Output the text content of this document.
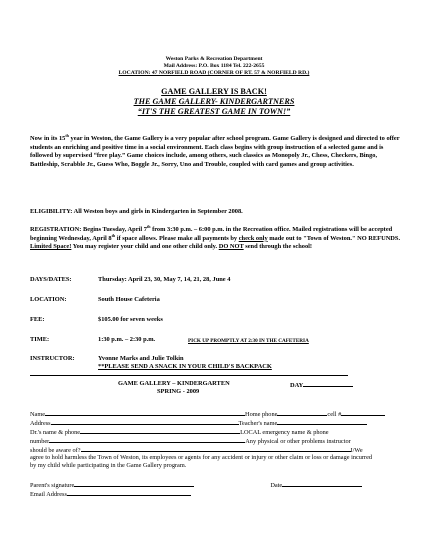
Weston Parks & Recreation Department
Mail Address: P.O. Box 1184 Tel. 222-2655
LOCATION: 47 NORFIELD ROAD (CORNER OF RT. 57 & NORFIELD RD.)
GAME GALLERY IS BACK!
THE GAME GALLERY- KINDERGARTNERS
“IT'S THE GREATEST GAME IN TOWN!”
Now in its 15th year in Weston, the Game Gallery is a very popular after school program. Game Gallery is designed and directed to offer students an enriching and positive time in a social environment. Each class begins with group instruction of a selected game and is followed by supervised “free play.” Game choices include, among others, such classics as Monopoly Jr., Chess, Checkers, Bingo, Battleship, Scrabble Jr., Guess Who, Boggle Jr., Sorry, Uno and Trouble, coupled with card games and group activities.
ELIGIBILITY: All Weston boys and girls in Kindergarten in September 2008.
REGISTRATION: Begins Tuesday, April 7th from 3:30 p.m. – 6:00 p.m. in the Recreation office. Mailed registrations will be accepted beginning Wednesday, April 8th if space allows. Please make all payments by check only made out to "Town of Weston." NO REFUNDS. Limited Space! You may register your child and one other child only. DO NOT send through the school!
DAYS/DATES:	Thursday: April 23, 30, May 7, 14, 21, 28, June 4
LOCATION:	South House Cafeteria
FEE:	$105.00 for seven weeks
TIME:	1:30 p.m. – 2:30 p.m.	PICK UP PROMPTLY AT 2:30 IN THE CAFETERIA
INSTRUCTOR:	Yvonne Marks and Julie Tolkin
**PLEASE SEND A SNACK IN YOUR CHILD'S BACKPACK
GAME GALLERY – KINDERGARTEN	DAY
SPRING - 2009
Name	Home phone	cell #
Address	Teacher's name
Dr.'s name & phone	LOCAL emergency name & phone
number	Any physical or other problems instructor
should be aware of?	I/We
agree to hold harmless the Town of Weston, its employees or agents for any accident or injury or other claim or loss or damage incurred by my child while participating in the Game Gallery program.
Parent's signature	Date
Email Address
